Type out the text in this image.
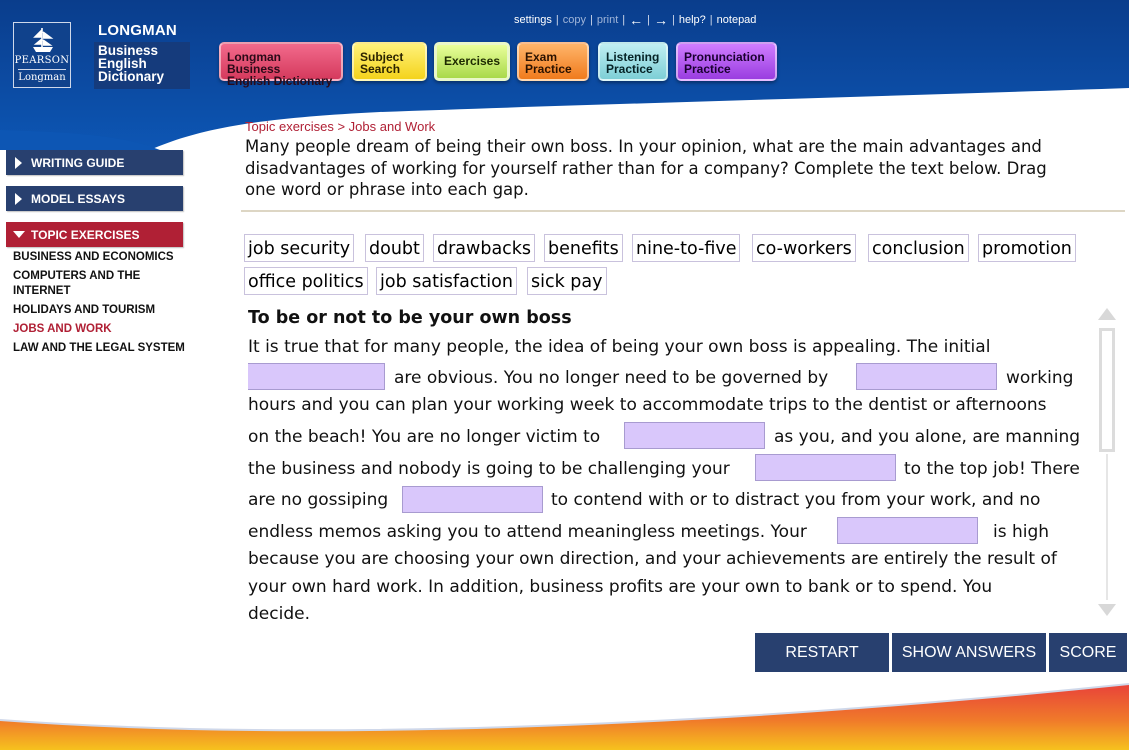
PEARSON
Longman
LONGMAN
Business
English
Dictionary
settings | copy | print | ← | → | help? | notepad
Longman Business
English Dictionary
Subject
Search
Exercises Exam
Practice
Listening
Practice
Pronunciation
Practice
WRITING GUIDE
MODEL ESSAYS
TOPIC EXERCISES
BUSINESS AND ECONOMICS
COMPUTERS AND THE INTERNET
HOLIDAYS AND TOURISM
JOBS AND WORK
LAW AND THE LEGAL SYSTEM
Topic exercises > Jobs and Work
Many people dream of being their own boss. In your opinion, what are the main advantages and
disadvantages of working for yourself rather than for a company? Complete the text below. Drag
one word or phrase into each gap.
job security doubt drawbacks benefits nine-to-five co-workers conclusion promotion
office politics job satisfaction sick pay
To be or not to be your own boss
It is true that for many people, the idea of being your own boss is appealing. The initial
are obvious. You no longer need to be governed by	working
hours and you can plan your working week to accommodate trips to the dentist or afternoons
on the beach! You are no longer victim to	as you, and you alone, are manning
the business and nobody is going to be challenging your	to the top job! There
are no gossiping	to contend with or to distract you from your work, and no
endless memos asking you to attend meaningless meetings. Your	is high
because you are choosing your own direction, and your achievements are entirely the result of
your own hard work. In addition, business profits are your own to bank or to spend. You
decide.
RESTART	SHOW ANSWERS	SCORE
